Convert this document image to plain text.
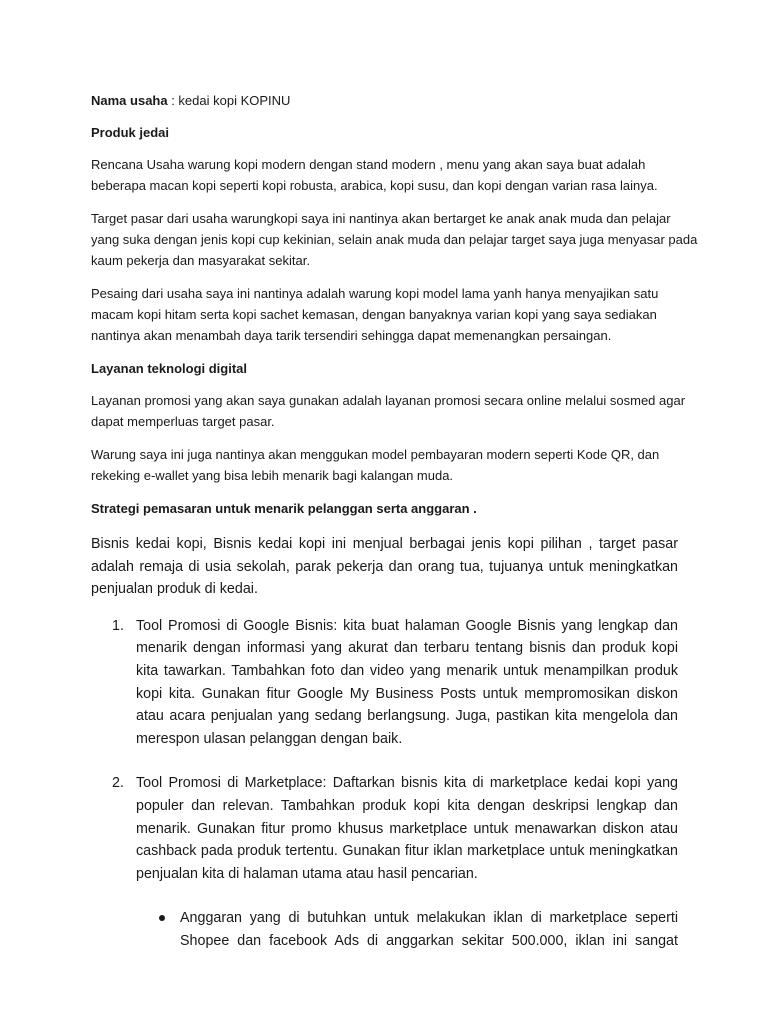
Nama usaha : kedai kopi KOPINU

Produk jedai

Rencana Usaha warung kopi modern dengan stand modern , menu yang akan saya buat adalah
beberapa macan kopi seperti kopi robusta, arabica, kopi susu, dan kopi dengan varian rasa lainya.

Target pasar dari usaha warungkopi saya ini nantinya akan bertarget ke anak anak muda dan pelajar
yang suka dengan jenis kopi cup kekinian, selain anak muda dan pelajar target saya juga menyasar pada
kaum pekerja dan masyarakat sekitar.

Pesaing dari usaha saya ini nantinya adalah warung kopi model lama yanh hanya menyajikan satu
macam kopi hitam serta kopi sachet kemasan, dengan banyaknya varian kopi yang saya sediakan
nantinya akan menambah daya tarik tersendiri sehingga dapat memenangkan persaingan.

Layanan teknologi digital

Layanan promosi yang akan saya gunakan adalah layanan promosi secara online melalui sosmed agar
dapat memperluas target pasar.

Warung saya ini juga nantinya akan menggukan model pembayaran modern seperti Kode QR, dan
rekeking e-wallet yang bisa lebih menarik bagi kalangan muda.

Strategi pemasaran untuk menarik pelanggan serta anggaran .

Bisnis kedai kopi, Bisnis kedai kopi ini menjual berbagai jenis kopi pilihan , target pasar
adalah remaja di usia sekolah, parak pekerja dan orang tua, tujuanya untuk meningkatkan
penjualan produk di kedai.

1. Tool Promosi di Google Bisnis: kita buat halaman Google Bisnis yang lengkap dan
menarik dengan informasi yang akurat dan terbaru tentang bisnis dan produk kopi
kita tawarkan. Tambahkan foto dan video yang menarik untuk menampilkan produk
kopi kita. Gunakan fitur Google My Business Posts untuk mempromosikan diskon
atau acara penjualan yang sedang berlangsung. Juga, pastikan kita mengelola dan
merespon ulasan pelanggan dengan baik.
2. Tool Promosi di Marketplace: Daftarkan bisnis kita di marketplace kedai kopi yang
populer dan relevan. Tambahkan produk kopi kita dengan deskripsi lengkap dan
menarik. Gunakan fitur promo khusus marketplace untuk menawarkan diskon atau
cashback pada produk tertentu. Gunakan fitur iklan marketplace untuk meningkatkan
penjualan kita di halaman utama atau hasil pencarian.
Anggaran yang di butuhkan untuk melakukan iklan di marketplace seperti
Shopee dan facebook Ads di anggarkan sekitar 500.000, iklan ini sangat
